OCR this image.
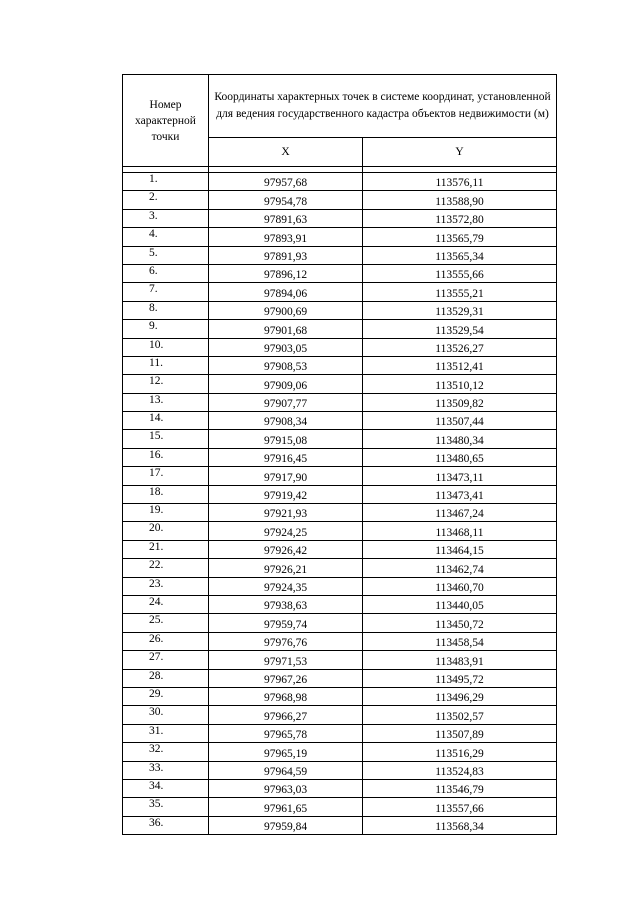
Номер характерной точки	Координаты характерных точек в системе координат, установленной для ведения государственного кадастра объектов недвижимости (м)	
	X	Y

1.	97957,68	113576,11
2.	97954,78	113588,90
3.	97891,63	113572,80
4.	97893,91	113565,79
5.	97891,93	113565,34
6.	97896,12	113555,66
7.	97894,06	113555,21
8.	97900,69	113529,31
9.	97901,68	113529,54
10.	97903,05	113526,27
11.	97908,53	113512,41
12.	97909,06	113510,12
13.	97907,77	113509,82
14.	97908,34	113507,44
15.	97915,08	113480,34
16.	97916,45	113480,65
17.	97917,90	113473,11
18.	97919,42	113473,41
19.	97921,93	113467,24
20.	97924,25	113468,11
21.	97926,42	113464,15
22.	97926,21	113462,74
23.	97924,35	113460,70
24.	97938,63	113440,05
25.	97959,74	113450,72
26.	97976,76	113458,54
27.	97971,53	113483,91
28.	97967,26	113495,72
29.	97968,98	113496,29
30.	97966,27	113502,57
31.	97965,78	113507,89
32.	97965,19	113516,29
33.	97964,59	113524,83
34.	97963,03	113546,79
35.	97961,65	113557,66
36.	97959,84	113568,34
